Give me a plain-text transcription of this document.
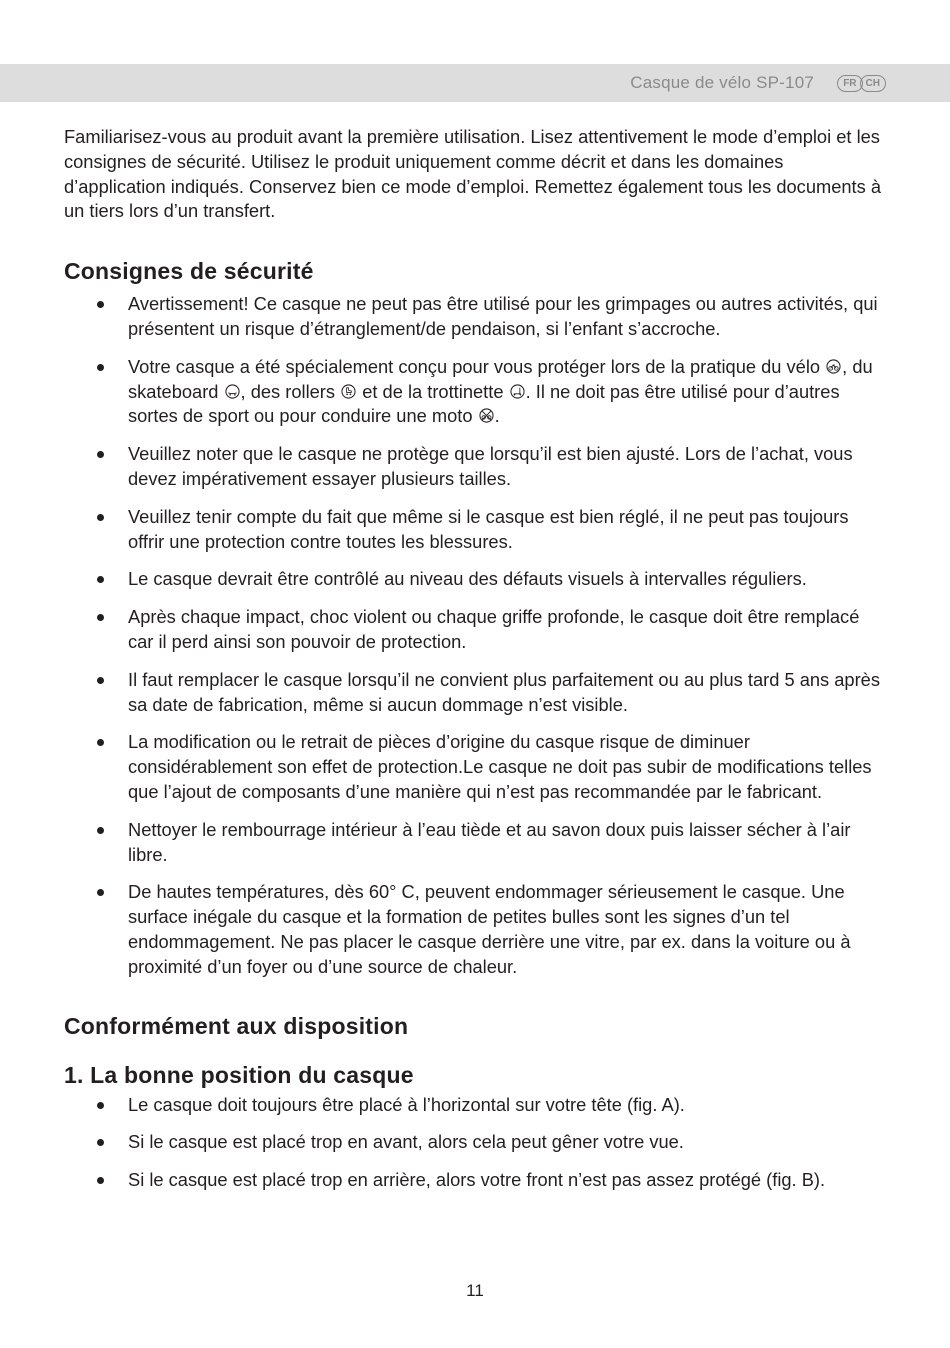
Casque de vélo SP-107	FR CH

Familiarisez-vous au produit avant la première utilisation. Lisez attentivement le mode d’emploi et les consignes de sécurité. Utilisez le produit uniquement comme décrit et dans les domaines d’application indiqués. Conservez bien ce mode d’emploi. Remettez également tous les documents à un tiers lors d’un transfert.

Consignes de sécurité
Avertissement! Ce casque ne peut pas être utilisé pour les grimpages ou autres activités, qui présentent un risque d’étranglement/de pendaison, si l’enfant s’accroche.
Votre casque a été spécialement conçu pour vous protéger lors de la pratique du vélo , du skateboard , des rollers  et de la trottinette . Il ne doit pas être utilisé pour d’autres sortes de sport ou pour conduire une moto .
Veuillez noter que le casque ne protège que lorsqu’il est bien ajusté. Lors de l’achat, vous devez impérativement essayer plusieurs tailles.
Veuillez tenir compte du fait que même si le casque est bien réglé, il ne peut pas toujours offrir une protection contre toutes les blessures.
Le casque devrait être contrôlé au niveau des défauts visuels à intervalles réguliers.
Après chaque impact, choc violent ou chaque griffe profonde, le casque doit être remplacé car il perd ainsi son pouvoir de protection.
Il faut remplacer le casque lorsqu’il ne convient plus parfaitement ou au plus tard 5 ans après sa date de fabrication, même si aucun dommage n’est visible.
La modification ou le retrait de pièces d’origine du casque risque de diminuer considérablement son effet de protection.Le casque ne doit pas subir de modifications telles que l’ajout de composants d’une manière qui n’est pas recommandée par le fabricant.
Nettoyer le rembourrage intérieur à l’eau tiède et au savon doux puis laisser sécher à l’air libre.
De hautes températures, dès 60° C, peuvent endommager sérieusement le casque. Une surface inégale du casque et la formation de petites bulles sont les signes d’un tel endommagement. Ne pas placer le casque derrière une vitre, par ex. dans la voiture ou à proximité d’un foyer ou d’une source de chaleur.
Conformément aux disposition
1. La bonne position du casque
Le casque doit toujours être placé à l’horizontal sur votre tête (fig. A).
Si le casque est placé trop en avant, alors cela peut gêner votre vue.
Si le casque est placé trop en arrière, alors votre front n’est pas assez protégé (fig. B).
11
